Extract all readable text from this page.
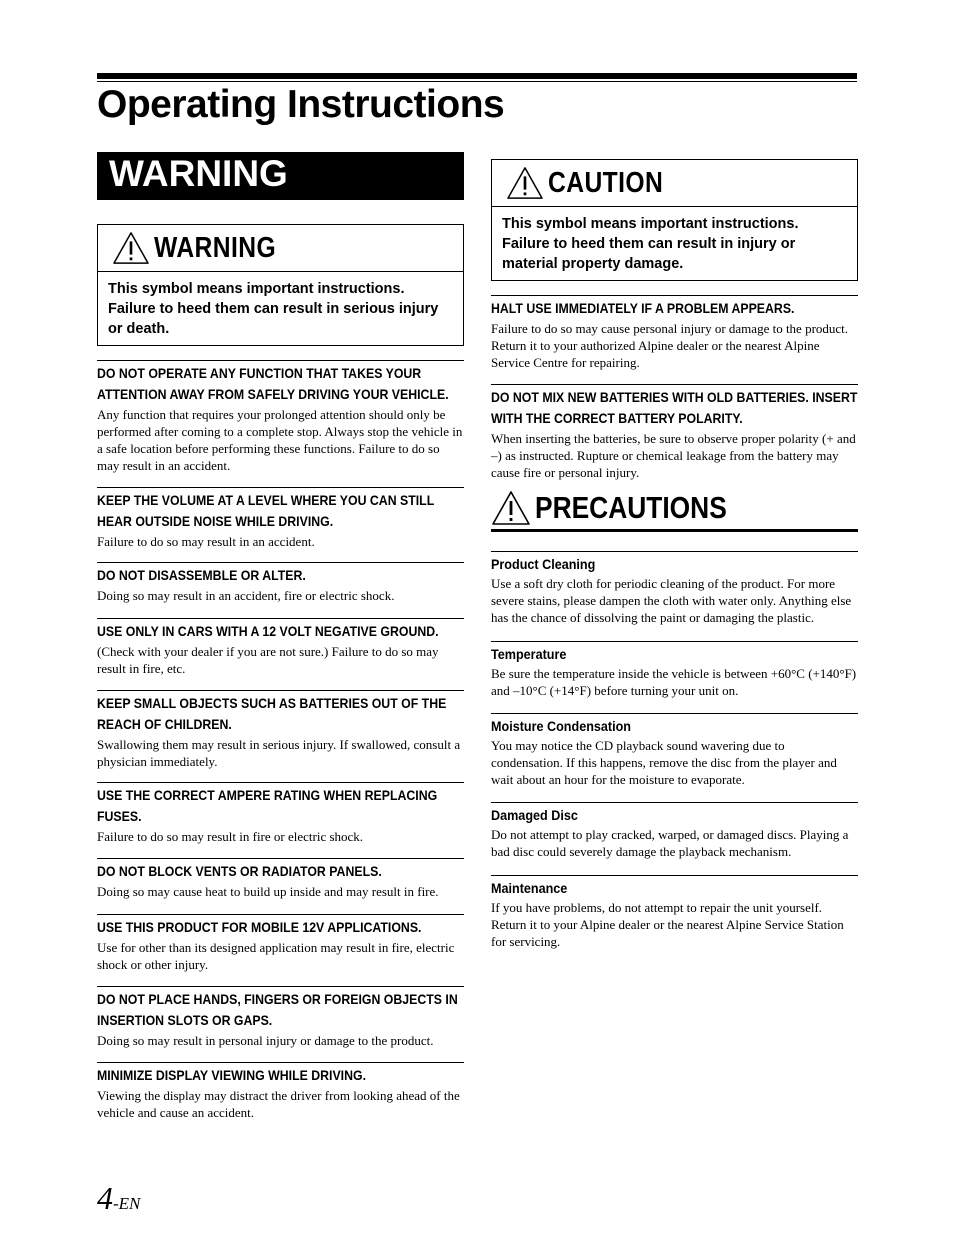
Operating Instructions
WARNING
WARNING
This symbol means important instructions. Failure to heed them can result in serious injury or death.
DO NOT OPERATE ANY FUNCTION THAT TAKES YOUR ATTENTION AWAY FROM SAFELY DRIVING YOUR VEHICLE.
Any function that requires your prolonged attention should only be performed after coming to a complete stop. Always stop the vehicle in a safe location before performing these functions. Failure to do so may result in an accident.
KEEP THE VOLUME AT A LEVEL WHERE YOU CAN STILL HEAR OUTSIDE NOISE WHILE DRIVING.
Failure to do so may result in an accident.
DO NOT DISASSEMBLE OR ALTER.
Doing so may result in an accident, fire or electric shock.
USE ONLY IN CARS WITH A 12 VOLT NEGATIVE GROUND.
(Check with your dealer if you are not sure.) Failure to do so may result in fire, etc.
KEEP SMALL OBJECTS SUCH AS BATTERIES OUT OF THE REACH OF CHILDREN.
Swallowing them may result in serious injury. If swallowed, consult a physician immediately.
USE THE CORRECT AMPERE RATING WHEN REPLACING FUSES.
Failure to do so may result in fire or electric shock.
DO NOT BLOCK VENTS OR RADIATOR PANELS.
Doing so may cause heat to build up inside and may result in fire.
USE THIS PRODUCT FOR MOBILE 12V APPLICATIONS.
Use for other than its designed application may result in fire, electric shock or other injury.
DO NOT PLACE HANDS, FINGERS OR FOREIGN OBJECTS IN INSERTION SLOTS OR GAPS.
Doing so may result in personal injury or damage to the product.
MINIMIZE DISPLAY VIEWING WHILE DRIVING.
Viewing the display may distract the driver from looking ahead of the vehicle and cause an accident.
CAUTION
This symbol means important instructions. Failure to heed them can result in injury or material property damage.
HALT USE IMMEDIATELY IF A PROBLEM APPEARS.
Failure to do so may cause personal injury or damage to the product. Return it to your authorized Alpine dealer or the nearest Alpine Service Centre for repairing.
DO NOT MIX NEW BATTERIES WITH OLD BATTERIES. INSERT WITH THE CORRECT BATTERY POLARITY.
When inserting the batteries, be sure to observe proper polarity (+ and –) as instructed. Rupture or chemical leakage from the battery may cause fire or personal injury.
PRECAUTIONS
Product Cleaning
Use a soft dry cloth for periodic cleaning of the product. For more severe stains, please dampen the cloth with water only. Anything else has the chance of dissolving the paint or damaging the plastic.
Temperature
Be sure the temperature inside the vehicle is between +60°C (+140°F) and –10°C (+14°F) before turning your unit on.
Moisture Condensation
You may notice the CD playback sound wavering due to condensation. If this happens, remove the disc from the player and wait about an hour for the moisture to evaporate.
Damaged Disc
Do not attempt to play cracked, warped, or damaged discs. Playing a bad disc could severely damage the playback mechanism.
Maintenance
If you have problems, do not attempt to repair the unit yourself. Return it to your Alpine dealer or the nearest Alpine Service Station for servicing.
4-EN
